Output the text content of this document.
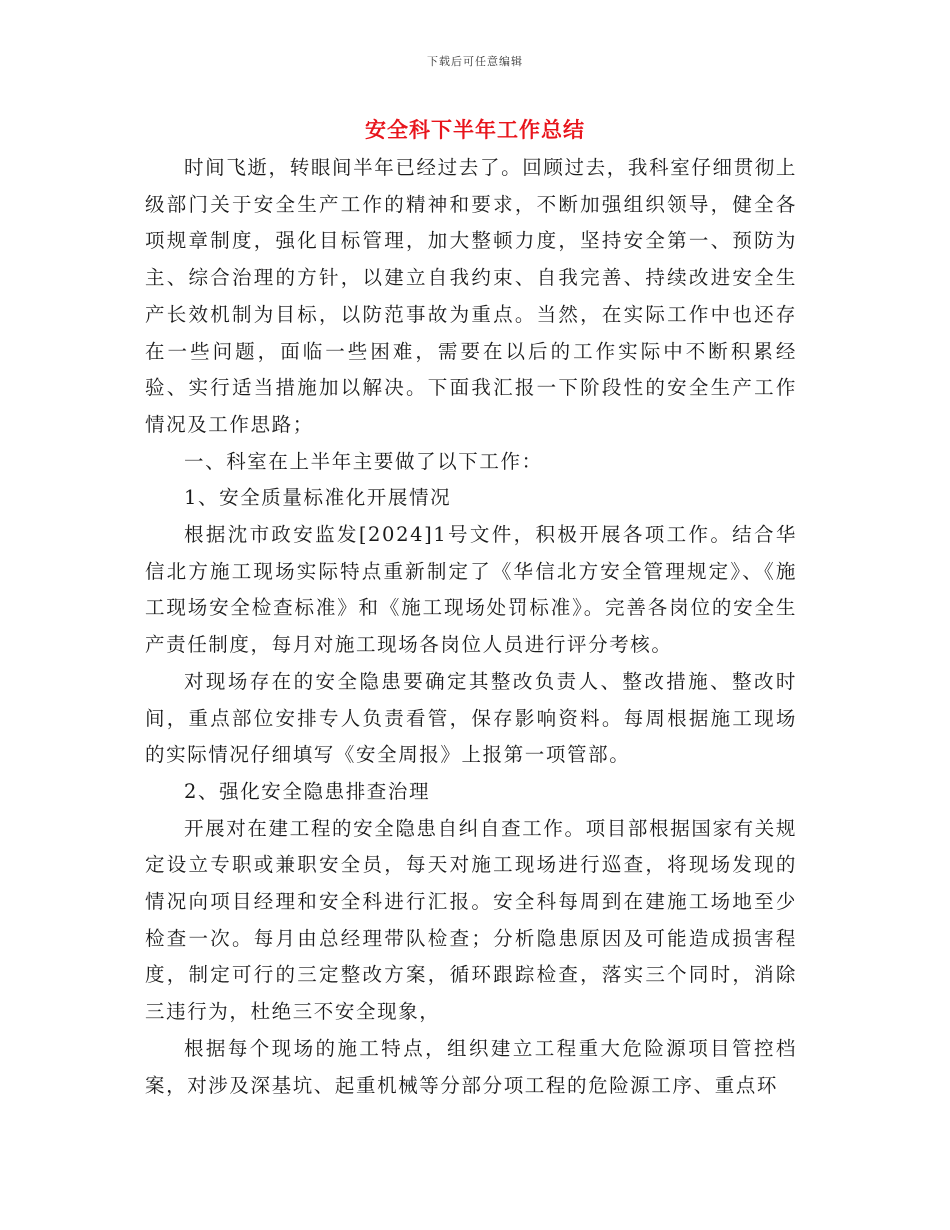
下载后可任意编辑
安全科下半年工作总结

时间飞逝，转眼间半年已经过去了。回顾过去，我科室仔细贯彻上级部门关于安全生产工作的精神和要求，不断加强组织领导，健全各项规章制度，强化目标管理，加大整顿力度，坚持安全第一、预防为主、综合治理的方针，以建立自我约束、自我完善、持续改进安全生产长效机制为目标，以防范事故为重点。当然，在实际工作中也还存在一些问题，面临一些困难，需要在以后的工作实际中不断积累经验、实行适当措施加以解决。下面我汇报一下阶段性的安全生产工作情况及工作思路；

一、科室在上半年主要做了以下工作：

1、安全质量标准化开展情况

根据沈市政安监发[2024]1号文件，积极开展各项工作。结合华信北方施工现场实际特点重新制定了《华信北方安全管理规定》、《施工现场安全检查标准》和《施工现场处罚标准》。完善各岗位的安全生产责任制度，每月对施工现场各岗位人员进行评分考核。

对现场存在的安全隐患要确定其整改负责人、整改措施、整改时间，重点部位安排专人负责看管，保存影响资料。每周根据施工现场的实际情况仔细填写《安全周报》上报第一项管部。

2、强化安全隐患排查治理

开展对在建工程的安全隐患自纠自查工作。项目部根据国家有关规定设立专职或兼职安全员，每天对施工现场进行巡查，将现场发现的情况向项目经理和安全科进行汇报。安全科每周到在建施工场地至少检查一次。每月由总经理带队检查；分析隐患原因及可能造成损害程度，制定可行的三定整改方案，循环跟踪检查，落实三个同时，消除三违行为，杜绝三不安全现象，

根据每个现场的施工特点，组织建立工程重大危险源项目管控档案，对涉及深基坑、起重机械等分部分项工程的危险源工序、重点环
